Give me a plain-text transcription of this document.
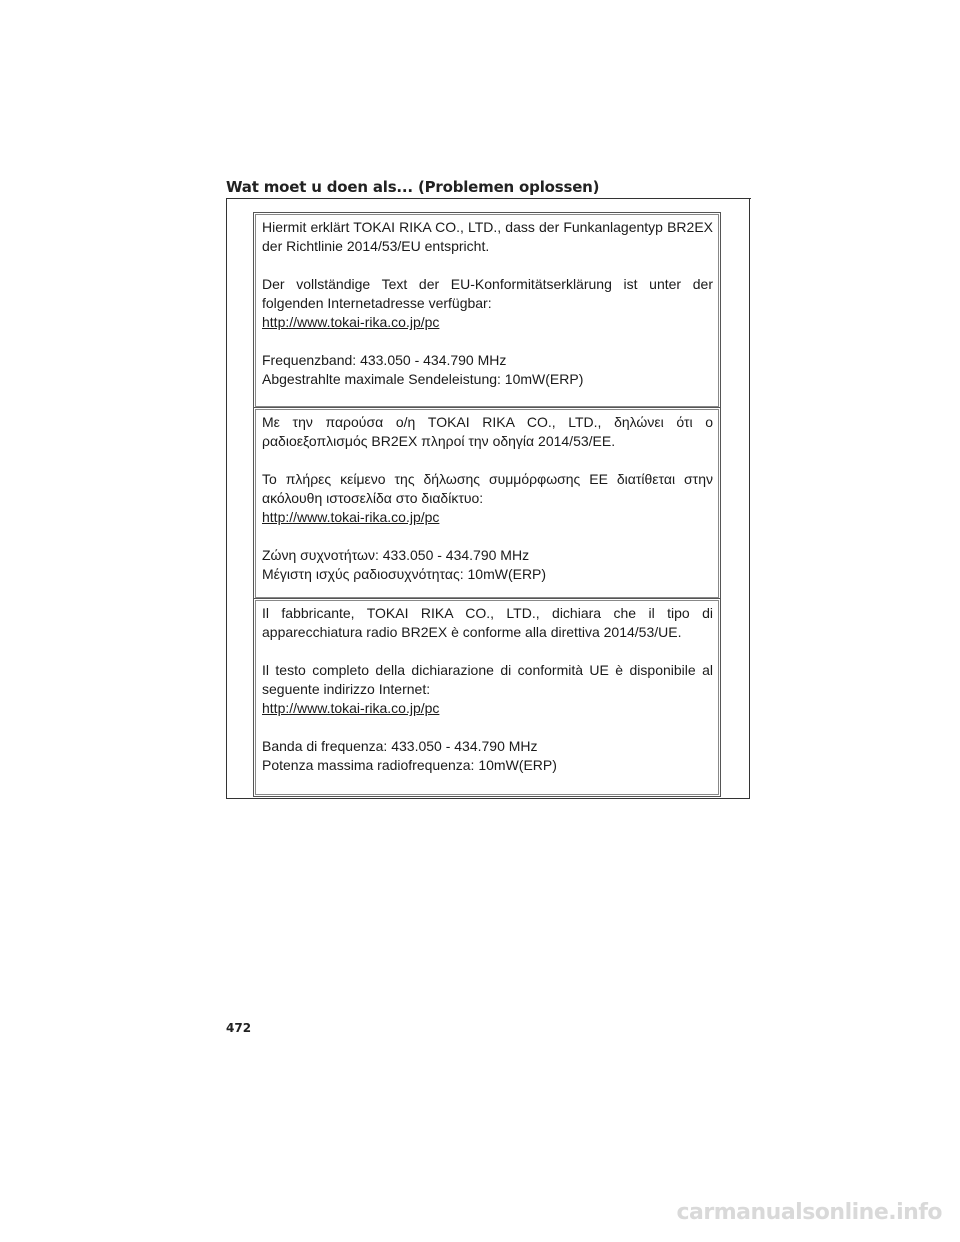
Wat moet u doen als... (Problemen oplossen)

Hiermit erklärt TOKAI RIKA CO., LTD., dass der Funkanlagentyp BR2EX der Richtlinie 2014/53/EU entspricht.

Der vollständige Text der EU-Konformitätserklärung ist unter der folgenden Internetadresse verfügbar:

http://www.tokai-rika.co.jp/pc

Frequenzband: 433.050 - 434.790 MHz

Abgestrahlte maximale Sendeleistung: 10mW(ERP)

Με την παρούσα ο/η TOKAI RIKA CO., LTD., δηλώνει ότι ο ραδιοεξοπλισμός BR2EX πληροί την οδηγία 2014/53/ΕΕ.

Το πλήρες κείμενο της δήλωσης συμμόρφωσης ΕΕ διατίθεται στην ακόλουθη ιστοσελίδα στο διαδίκτυο:

http://www.tokai-rika.co.jp/pc

Ζώνη συχνοτήτων: 433.050 - 434.790 MHz

Μέγιστη ισχύς ραδιοσυχνότητας: 10mW(ERP)

Il fabbricante, TOKAI RIKA CO., LTD., dichiara che il tipo di apparecchiatura radio BR2EX è conforme alla direttiva 2014/53/UE.

Il testo completo della dichiarazione di conformità UE è disponibile al seguente indirizzo Internet:

http://www.tokai-rika.co.jp/pc

Banda di frequenza: 433.050 - 434.790 MHz

Potenza massima radiofrequenza: 10mW(ERP)

472
carmanualsonline.info
